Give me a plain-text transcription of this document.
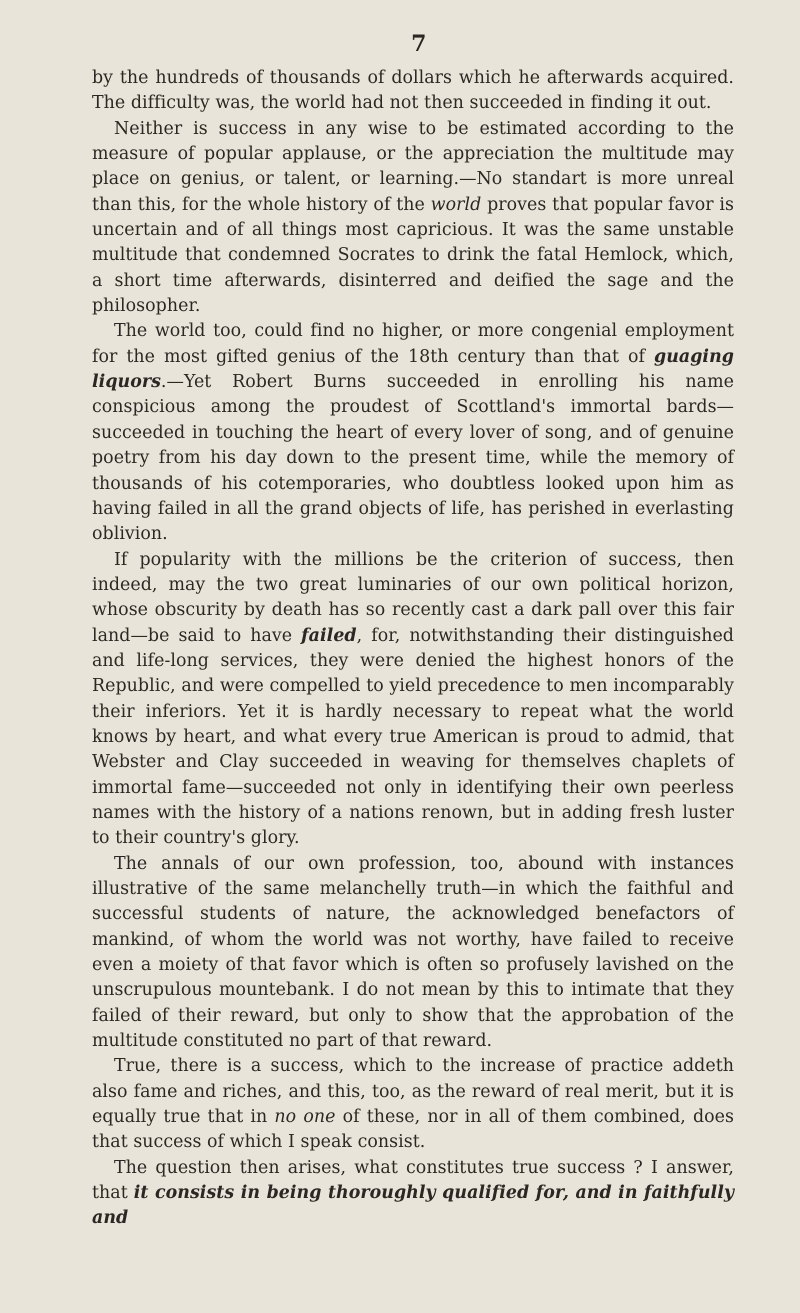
7

by the hundreds of thousands of dollars which he afterwards acquired. The difficulty was, the world had not then succeeded in finding it out.

Neither is success in any wise to be estimated according to the measure of popular applause, or the appreciation the multitude may place on genius, or talent, or learning.—No standart is more unreal than this, for the whole history of the world proves that popular favor is uncertain and of all things most capricious. It was the same unstable multitude that condemned Socrates to drink the fatal Hemlock, which, a short time afterwards, disinterred and deified the sage and the philosopher.

The world too, could find no higher, or more congenial employment for the most gifted genius of the 18th century than that of guaging liquors.—Yet Robert Burns succeeded in enrolling his name conspicious among the proudest of Scottland's immortal bards—succeeded in touching the heart of every lover of song, and of genuine poetry from his day down to the present time, while the memory of thousands of his cotemporaries, who doubtless looked upon him as having failed in all the grand objects of life, has perished in everlasting oblivion.

If popularity with the millions be the criterion of success, then indeed, may the two great luminaries of our own political horizon, whose obscurity by death has so recently cast a dark pall over this fair land—be said to have failed, for, notwithstanding their distinguished and life-long services, they were denied the highest honors of the Republic, and were compelled to yield precedence to men incomparably their inferiors. Yet it is hardly necessary to repeat what the world knows by heart, and what every true American is proud to admid, that Webster and Clay succeeded in weaving for themselves chaplets of immortal fame—succeeded not only in identifying their own peerless names with the history of a nations renown, but in adding fresh luster to their country's glory.

The annals of our own profession, too, abound with instances illustrative of the same melanchelly truth—in which the faithful and successful students of nature, the acknowledged benefactors of mankind, of whom the world was not worthy, have failed to receive even a moiety of that favor which is often so profusely lavished on the unscrupulous mountebank. I do not mean by this to intimate that they failed of their reward, but only to show that the approbation of the multitude constituted no part of that reward.

True, there is a success, which to the increase of practice addeth also fame and riches, and this, too, as the reward of real merit, but it is equally true that in no one of these, nor in all of them combined, does that success of which I speak consist.

The question then arises, what constitutes true success ? I answer, that it consists in being thoroughly qualified for, and in faithfully and
